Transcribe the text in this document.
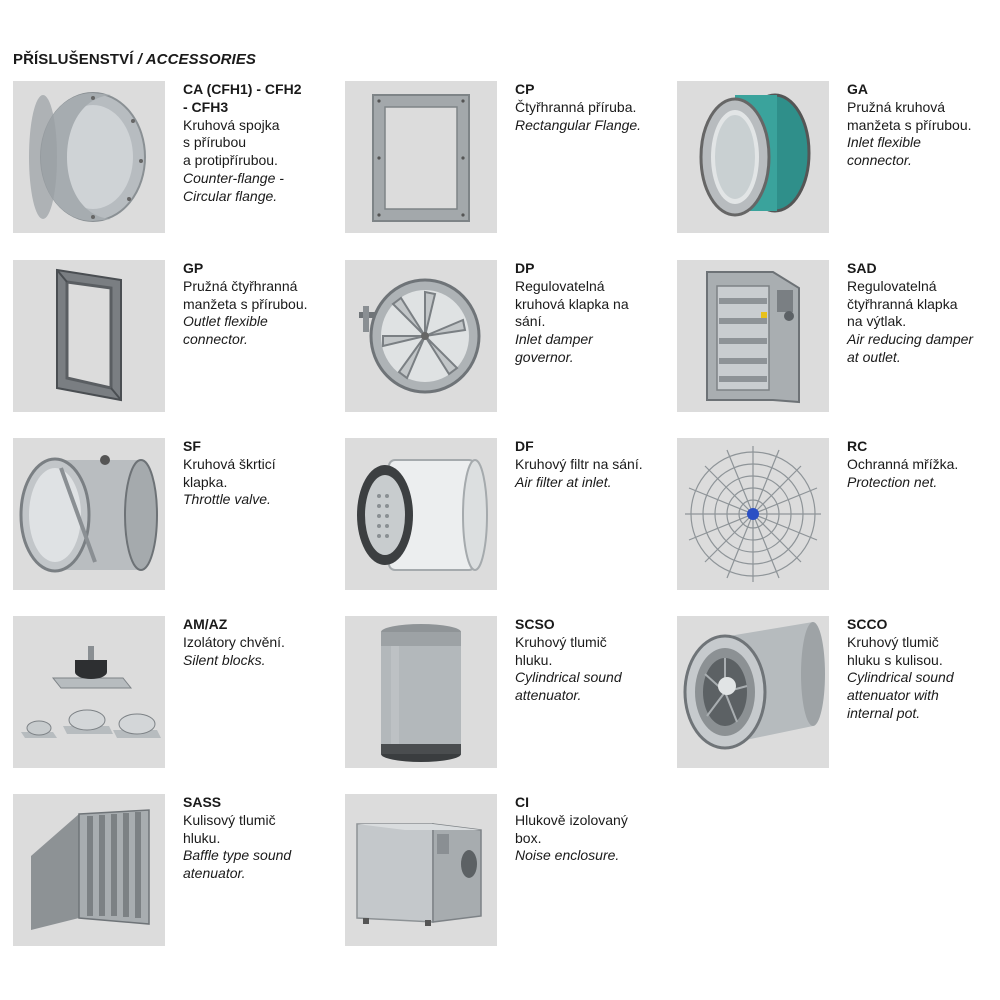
PŘÍSLUŠENSTVÍ / ACCESSORIES
CA (CFH1) - CFH2
- CFH3
Kruhová spojka
s přírubou
a protipřírubou.
Counter-flange -
Circular flange.
CP
Čtyřhranná příruba.
Rectangular Flange.
GA
Pružná kruhová
manžeta s přírubou.
Inlet flexible
connector.
GP
Pružná čtyřhranná
manžeta s přírubou.
Outlet flexible
connector.
DP
Regulovatelná
kruhová klapka na
sání.
Inlet damper
governor.
SAD
Regulovatelná
čtyřhranná klapka
na výtlak.
Air reducing damper
at outlet.
SF
Kruhová škrticí
klapka.
Throttle valve.
DF
Kruhový filtr na sání.
Air filter at inlet.
RC
Ochranná mřížka.
Protection net.
AM/AZ
Izolátory chvění.
Silent blocks.
SCSO
Kruhový tlumič
hluku.
Cylindrical sound
attenuator.
SCCO
Kruhový tlumič
hluku s kulisou.
Cylindrical sound
attenuator with
internal pot.
SASS
Kulisový tlumič
hluku.
Baffle type sound
atenuator.
CI
Hlukově izolovaný
box.
Noise enclosure.
